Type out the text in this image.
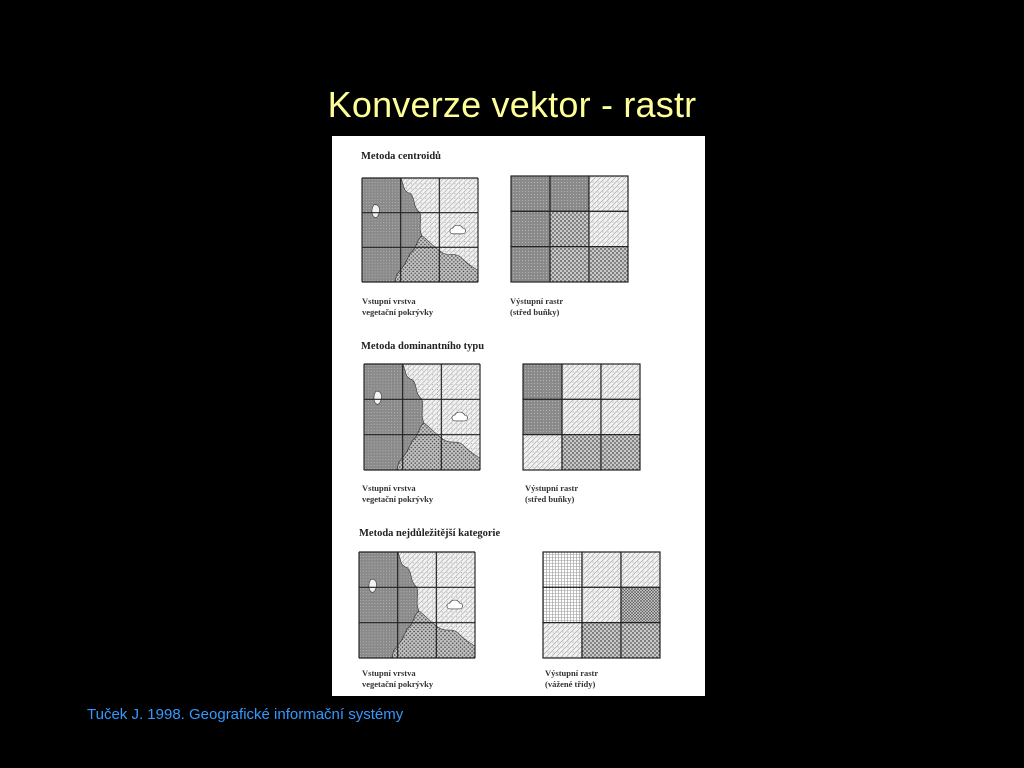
Konverze vektor - rastr
Metoda centroidů
Vstupní vrstva
vegetační pokrývky
Výstupní rastr
(střed buňky)
Metoda dominantního typu
Vstupní vrstva
vegetační pokrývky
Výstupní rastr
(střed buňky)
Metoda nejdůležitější kategorie
Vstupní vrstva
vegetační pokrývky
Výstupní rastr
(vážené třídy)
Tuček J. 1998. Geografické informační systémy
